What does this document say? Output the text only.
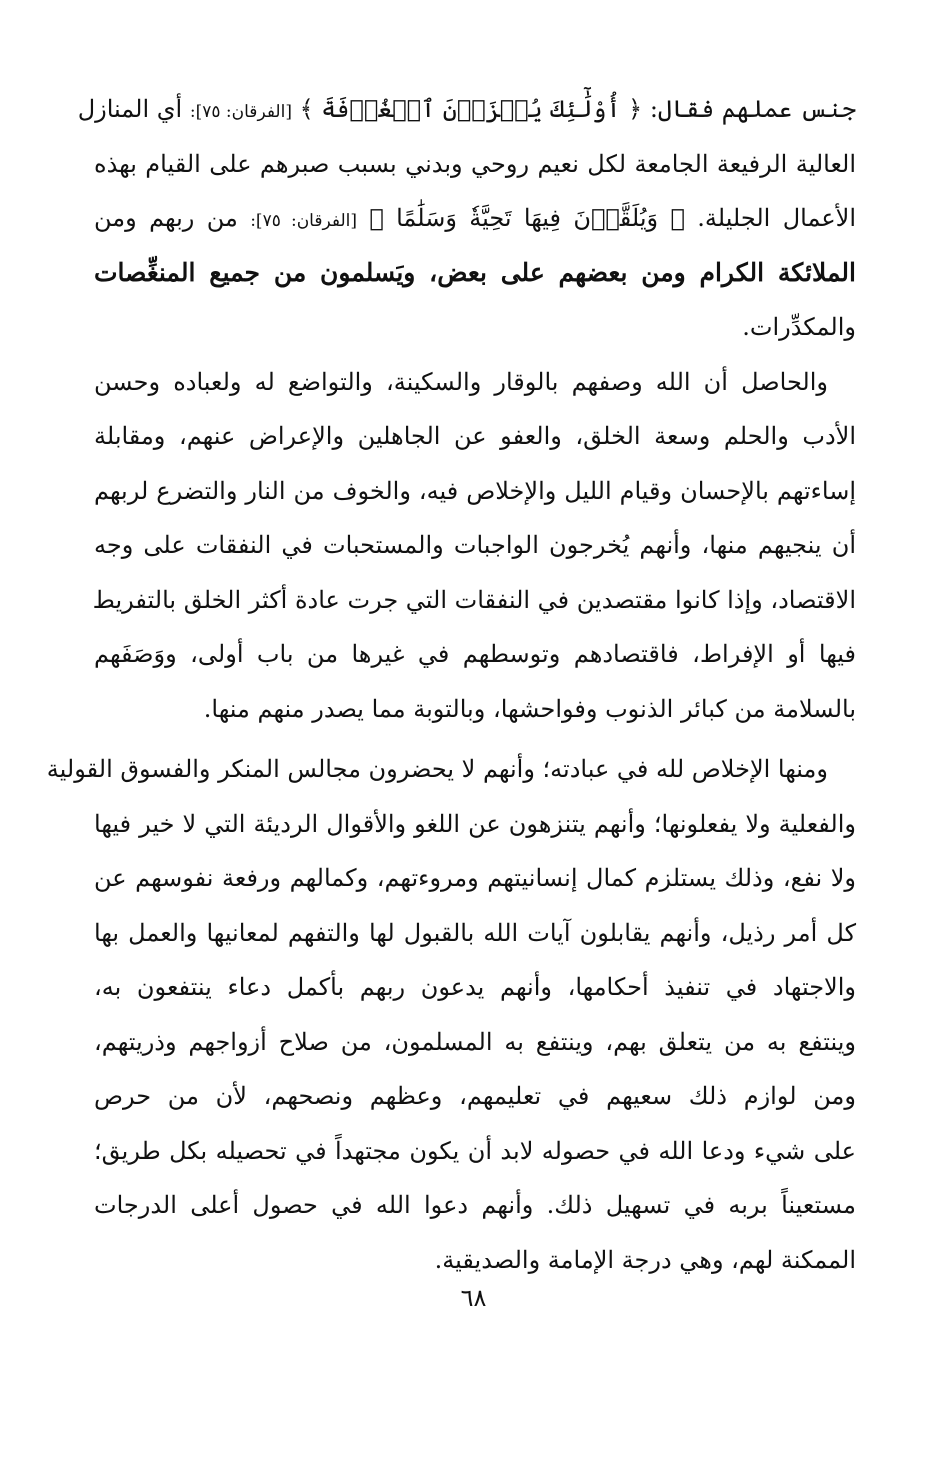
جنس عملهم فقال: ﴿ أُوْلَٰٓئِكَ يُجۡزَوۡنَ ٱلۡغُرۡفَةَ ﴾ [الفرقان: ٧٥]: أي المنازل
العالية الرفيعة الجامعة لكل نعيم روحي وبدني بسبب صبرهم على القيام بهذه
الأعمال الجليلة. ﴿ وَيُلَقَّوۡنَ فِيهَا تَحِيَّةٗ وَسَلَٰمًا ﴾ [الفرقان: ٧٥]: من ربهم ومن
الملائكة الكرام ومن بعضهم على بعض، ويَسلمون من جميع المنغِّصات
والمكدِّرات.
والحاصل أن الله وصفهم بالوقار والسكينة، والتواضع له ولعباده وحسن
الأدب والحلم وسعة الخلق، والعفو عن الجاهلين والإعراض عنهم، ومقابلة
إساءتهم بالإحسان وقيام الليل والإخلاص فيه، والخوف من النار والتضرع لربهم
أن ينجيهم منها، وأنهم يُخرجون الواجبات والمستحبات في النفقات على وجه
الاقتصاد، وإذا كانوا مقتصدين في النفقات التي جرت عادة أكثر الخلق بالتفريط
فيها أو الإفراط، فاقتصادهم وتوسطهم في غيرها من باب أولى، ووَصَفَهم
بالسلامة من كبائر الذنوب وفواحشها، وبالتوبة مما يصدر منهم منها.
ومنها الإخلاص لله في عبادته؛ وأنهم لا يحضرون مجالس المنكر والفسوق القولية
والفعلية ولا يفعلونها؛ وأنهم يتنزهون عن اللغو والأقوال الرديئة التي لا خير فيها
ولا نفع، وذلك يستلزم كمال إنسانيتهم ومروءتهم، وكمالهم ورفعة نفوسهم عن
كل أمر رذيل، وأنهم يقابلون آيات الله بالقبول لها والتفهم لمعانيها والعمل بها
والاجتهاد في تنفيذ أحكامها، وأنهم يدعون ربهم بأكمل دعاء ينتفعون به،
وينتفع به من يتعلق بهم، وينتفع به المسلمون، من صلاح أزواجهم وذريتهم،
ومن لوازم ذلك سعيهم في تعليمهم، وعظهم ونصحهم، لأن من حرص
على شيء ودعا الله في حصوله لابد أن يكون مجتهداً في تحصيله بكل طريق؛
مستعيناً بربه في تسهيل ذلك. وأنهم دعوا الله في حصول أعلى الدرجات
الممكنة لهم، وهي درجة الإمامة والصديقية.
٦٨
